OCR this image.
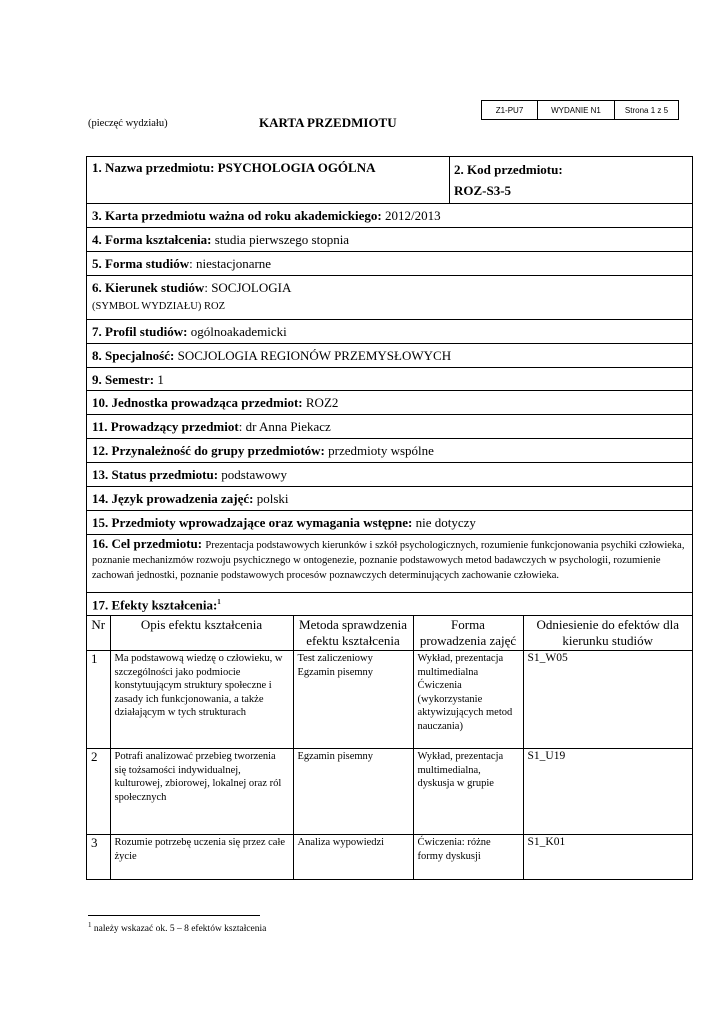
Z1-PU7	WYDANIE N1	Strona 1 z 5
(pieczęć wydziału)	KARTA PRZEDMIOTU
1. Nazwa przedmiotu: PSYCHOLOGIA OGÓLNA	2. Kod przedmiotu:
ROZ-S3-5
3. Karta przedmiotu ważna od roku akademickiego: 2012/2013
4. Forma kształcenia: studia pierwszego stopnia
5. Forma studiów: niestacjonarne
6. Kierunek studiów: SOCJOLOGIA
(SYMBOL WYDZIAŁU) ROZ
7. Profil studiów: ogólnoakademicki
8. Specjalność: SOCJOLOGIA REGIONÓW PRZEMYSŁOWYCH
9. Semestr: 1
10. Jednostka prowadząca przedmiot: ROZ2
11. Prowadzący przedmiot: dr Anna Piekacz
12. Przynależność do grupy przedmiotów: przedmioty wspólne
13. Status przedmiotu: podstawowy
14. Język prowadzenia zajęć: polski
15. Przedmioty wprowadzające oraz wymagania wstępne: nie dotyczy
16. Cel przedmiotu: Prezentacja podstawowych kierunków i szkół psychologicznych, rozumienie funkcjonowania psychiki człowieka, poznanie mechanizmów rozwoju psychicznego w ontogenezie, poznanie podstawowych metod badawczych w psychologii, rozumienie zachowań jednostki, poznanie podstawowych procesów poznawczych determinujących zachowanie człowieka.
17. Efekty kształcenia:$^1$
Nr	Opis efektu kształcenia	Metoda sprawdzenia efektu kształcenia	Forma prowadzenia zajęć	Odniesienie do efektów dla kierunku studiów
1	Ma podstawową wiedzę o człowieku, w szczególności jako podmiocie konstytuującym struktury społeczne i zasady ich funkcjonowania, a także działającym w tych strukturach	Test zaliczeniowy Egzamin pisemny	Wykład, prezentacja multimedialna Ćwiczenia (wykorzystanie aktywizujących metod nauczania)	S1_W05
2	Potrafi analizować przebieg tworzenia się tożsamości indywidualnej, kulturowej, zbiorowej, lokalnej oraz ról społecznych	Egzamin pisemny	Wykład, prezentacja multimedialna, dyskusja w grupie	S1_U19
3	Rozumie potrzebę uczenia się przez całe życie	Analiza wypowiedzi	Ćwiczenia: różne formy dyskusji	S1_K01
$^1$ należy wskazać ok. 5 – 8 efektów kształcenia
